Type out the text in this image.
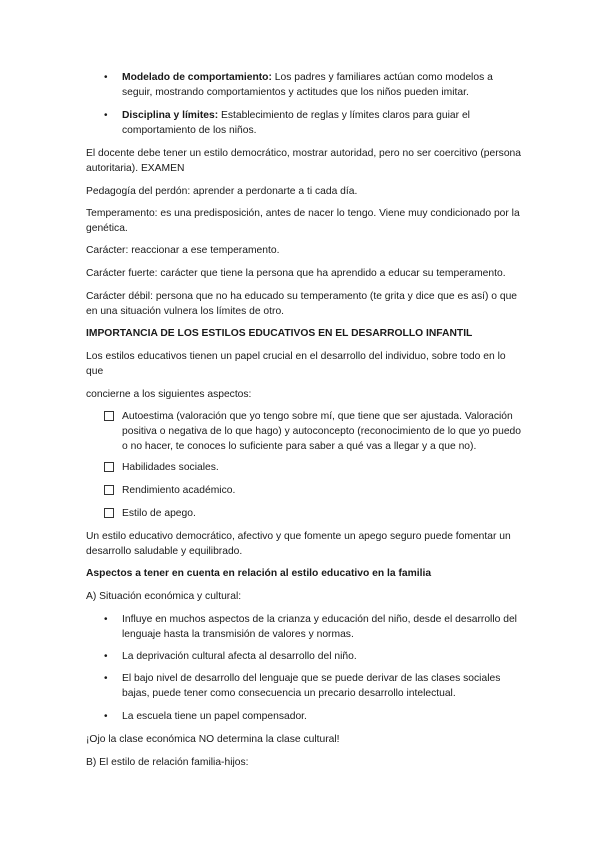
•	Modelado de comportamiento: Los padres y familiares actúan como modelos a seguir, mostrando comportamientos y actitudes que los niños pueden imitar.

•	Disciplina y límites: Establecimiento de reglas y límites claros para guiar el comportamiento de los niños.

El docente debe tener un estilo democrático, mostrar autoridad, pero no ser coercitivo (persona autoritaria). EXAMEN

Pedagogía del perdón: aprender a perdonarte a ti cada día.

Temperamento: es una predisposición, antes de nacer lo tengo. Viene muy condicionado por la genética.

Carácter: reaccionar a ese temperamento.

Carácter fuerte: carácter que tiene la persona que ha aprendido a educar su temperamento.

Carácter débil: persona que no ha educado su temperamento (te grita y dice que es así) o que en una situación vulnera los límites de otro.

IMPORTANCIA DE LOS ESTILOS EDUCATIVOS EN EL DESARROLLO INFANTIL

Los estilos educativos tienen un papel crucial en el desarrollo del individuo, sobre todo en lo que

concierne a los siguientes aspectos:

Autoestima (valoración que yo tengo sobre mí, que tiene que ser ajustada. Valoración positiva o negativa de lo que hago) y autoconcepto (reconocimiento de lo que yo puedo o no hacer, te conoces lo suficiente para saber a qué vas a llegar y a que no).

Habilidades sociales.

Rendimiento académico.

Estilo de apego.

Un estilo educativo democrático, afectivo y que fomente un apego seguro puede fomentar un desarrollo saludable y equilibrado.

Aspectos a tener en cuenta en relación al estilo educativo en la familia

A) Situación económica y cultural:

•	Influye en muchos aspectos de la crianza y educación del niño, desde el desarrollo del lenguaje hasta la transmisión de valores y normas.

•	La deprivación cultural afecta al desarrollo del niño.

•	El bajo nivel de desarrollo del lenguaje que se puede derivar de las clases sociales bajas, puede tener como consecuencia un precario desarrollo intelectual.

•	La escuela tiene un papel compensador.

¡Ojo la clase económica NO determina la clase cultural!

B) El estilo de relación familia-hijos:
